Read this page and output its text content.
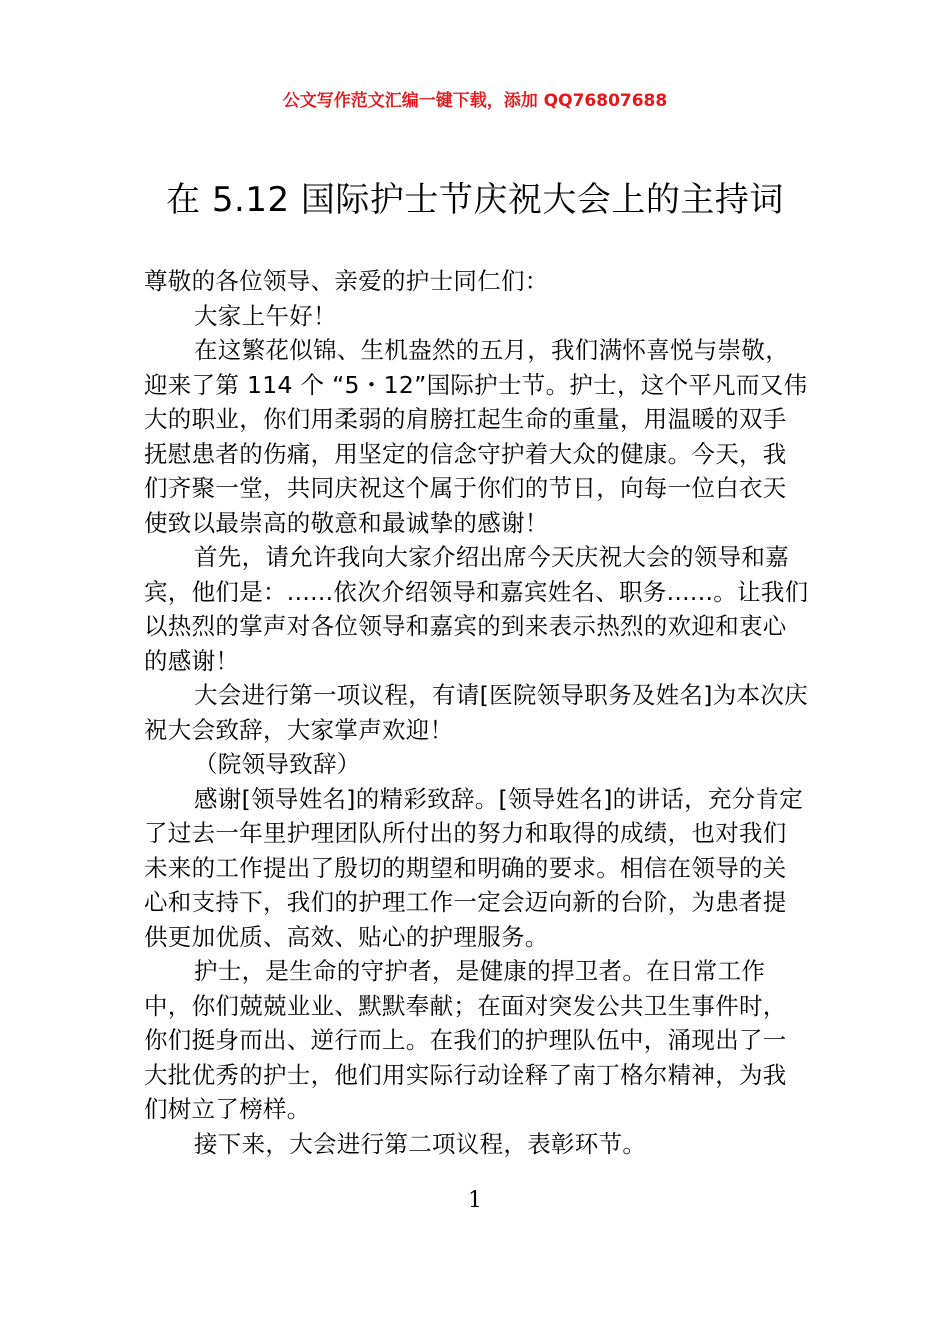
公文写作范文汇编一键下载，添加 QQ76807688
在 5.12 国际护士节庆祝大会上的主持词

尊敬的各位领导、亲爱的护士同仁们：

大家上午好！

在这繁花似锦、生机盎然的五月，我们满怀喜悦与崇敬，迎来了第 114 个 “5・12”国际护士节。护士，这个平凡而又伟大的职业，你们用柔弱的肩膀扛起生命的重量，用温暖的双手抚慰患者的伤痛，用坚定的信念守护着大众的健康。今天，我们齐聚一堂，共同庆祝这个属于你们的节日，向每一位白衣天使致以最崇高的敬意和最诚挚的感谢！

首先，请允许我向大家介绍出席今天庆祝大会的领导和嘉宾，他们是：......依次介绍领导和嘉宾姓名、职务......。让我们以热烈的掌声对各位领导和嘉宾的到来表示热烈的欢迎和衷心的感谢！

大会进行第一项议程，有请[医院领导职务及姓名]为本次庆祝大会致辞，大家掌声欢迎！

（院领导致辞）

感谢[领导姓名]的精彩致辞。[领导姓名]的讲话，充分肯定了过去一年里护理团队所付出的努力和取得的成绩，也对我们未来的工作提出了殷切的期望和明确的要求。相信在领导的关心和支持下，我们的护理工作一定会迈向新的台阶，为患者提供更加优质、高效、贴心的护理服务。

护士，是生命的守护者，是健康的捍卫者。在日常工作中，你们兢兢业业、默默奉献；在面对突发公共卫生事件时，你们挺身而出、逆行而上。在我们的护理队伍中，涌现出了一大批优秀的护士，他们用实际行动诠释了南丁格尔精神，为我们树立了榜样。

接下来，大会进行第二项议程，表彰环节。

1
